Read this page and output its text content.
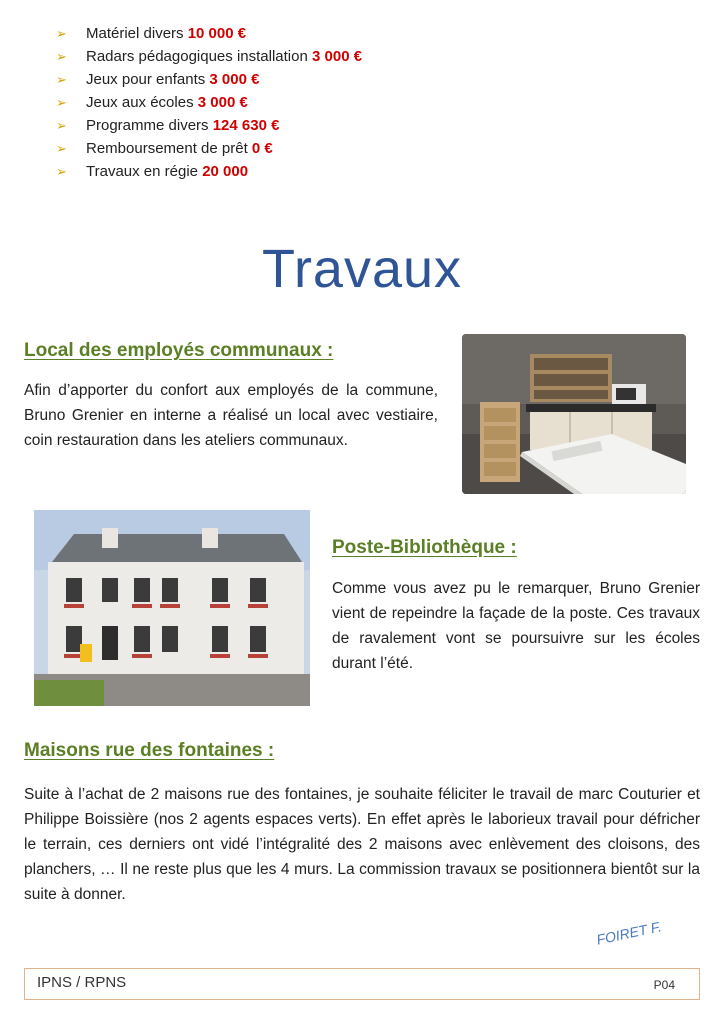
➢ Matériel divers 10 000 €
➢ Radars pédagogiques installation 3 000 €
➢ Jeux pour enfants 3 000 €
➢ Jeux aux écoles 3 000 €
➢ Programme divers 124 630 €
➢ Remboursement de prêt 0 €
➢ Travaux en régie 20 000
Travaux
Local des employés communaux :

Afin d’apporter du confort aux employés de la commune, Bruno Grenier en interne a réalisé un local avec vestiaire, coin restauration dans les ateliers communaux.

Poste-Bibliothèque :

Comme vous avez pu le remarquer, Bruno Grenier vient de repeindre la façade de la poste. Ces travaux de ravalement vont se poursuivre sur les écoles durant l’été.

Maisons rue des fontaines :

Suite à l’achat de 2 maisons rue des fontaines, je souhaite féliciter le travail de marc Couturier et Philippe Boissière (nos 2 agents espaces verts). En effet après le laborieux travail pour défricher le terrain, ces derniers ont vidé l’intégralité des 2 maisons avec enlèvement des cloisons, des planchers, … Il ne reste plus que les 4 murs. La commission travaux se positionnera bientôt sur la suite à donner.

FOIRET F.
IPNS / RPNS	P04
